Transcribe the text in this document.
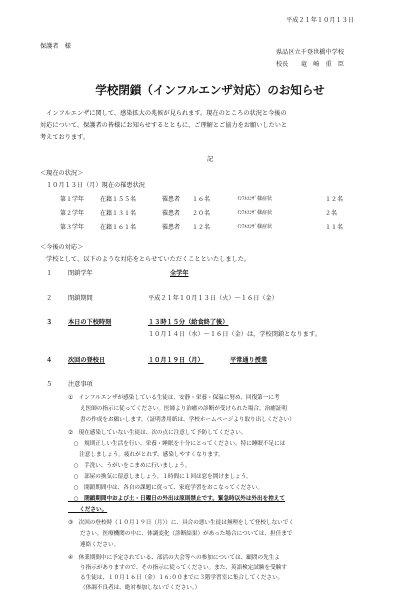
平成２１年１０月１３日
保護者　様
県品区立千登世橋中学校
校長　　竜　崎　重　臣
学校閉鎖（インフルエンザ対応）のお知らせ
　インフルエンザに関して、感染拡大の兆候が見られます。現在のところの状況と今後の
対応について、保護者の皆様にお知らせするとともに、ご理解とご協力をお願いしたいと
考えております。
記
＜現在の状況＞
１０月１３日（月）現在の罹患状況
第１学年	在籍１５５名	罹患者 １６名	ｲﾝﾌﾙｴﾝｻﾞ様症状	１２名
第２学年	在籍１３１名	罹患者 ２０名	ｲﾝﾌﾙｴﾝｻﾞ様症状	２名
第３学年	在籍１６１名	罹患者 １２名	ｲﾝﾌﾙｴﾝｻﾞ様症状	１１名
＜今後の対応＞
　学校として、以下のような対応をとらせていただくことといたしました。
１	閉鎖学年	全学年
２	閉鎖期間	平成２１年１０月１３日（火）～１６日（金）
３	本日の下校時刻	１３時１５分（給食終了後）
１０月１４日（水）～１６日（金）は、学校閉鎖となります。
４	次回の登校日	１０月１９日（月）	平常通り授業
５	注意事項
①　インフルエンザが感染している生徒は、安静・栄養・保温に努め、回復第一に考
え医師の指示に従ってください。医師より治癒の診断が受けられた場合、治癒証明
書の作成をお願いします。（証明書用紙は、学校ホームページより取り出しください）
②　現在感染していない生徒は、次の点に注意して予防してください。
　○　規則正しい生活を行い、栄養・睡眠を十分にとってください。特に睡眠不足には
　　注意しましょう。疲れがとれず、感染しやすくなります。
　○　手洗い、うがいをこまめに行いましょう。
　○　部屋の換気に留意しましょう。１時間に１回は窓を開けましょう。
　○　閉鎖期間中は、各自の課題に従って、家庭学習をおこなってください。
　○　閉鎖期間中および土・日曜日の外出は原則禁止です。緊急時以外は外出を控えて
　　ください。
③　次回の登校時（１０月１９日（月））に、具合の悪い生徒は無理をして登校しないでく
ださい。医療機関の中に、体調変化（診断結果）があった場合については、担任まで
連絡ください。
④　休業期間中に予定されている、部活の大会等への参加については、顧問の先生よ
り指示がありますので、その指示に従ってください。また、英語検定試験を受験す
る生徒は、１０月１６日（金）１６:００までに３階学習室に集合してください。
（体調不良者は、絶対参加しないでください。）
